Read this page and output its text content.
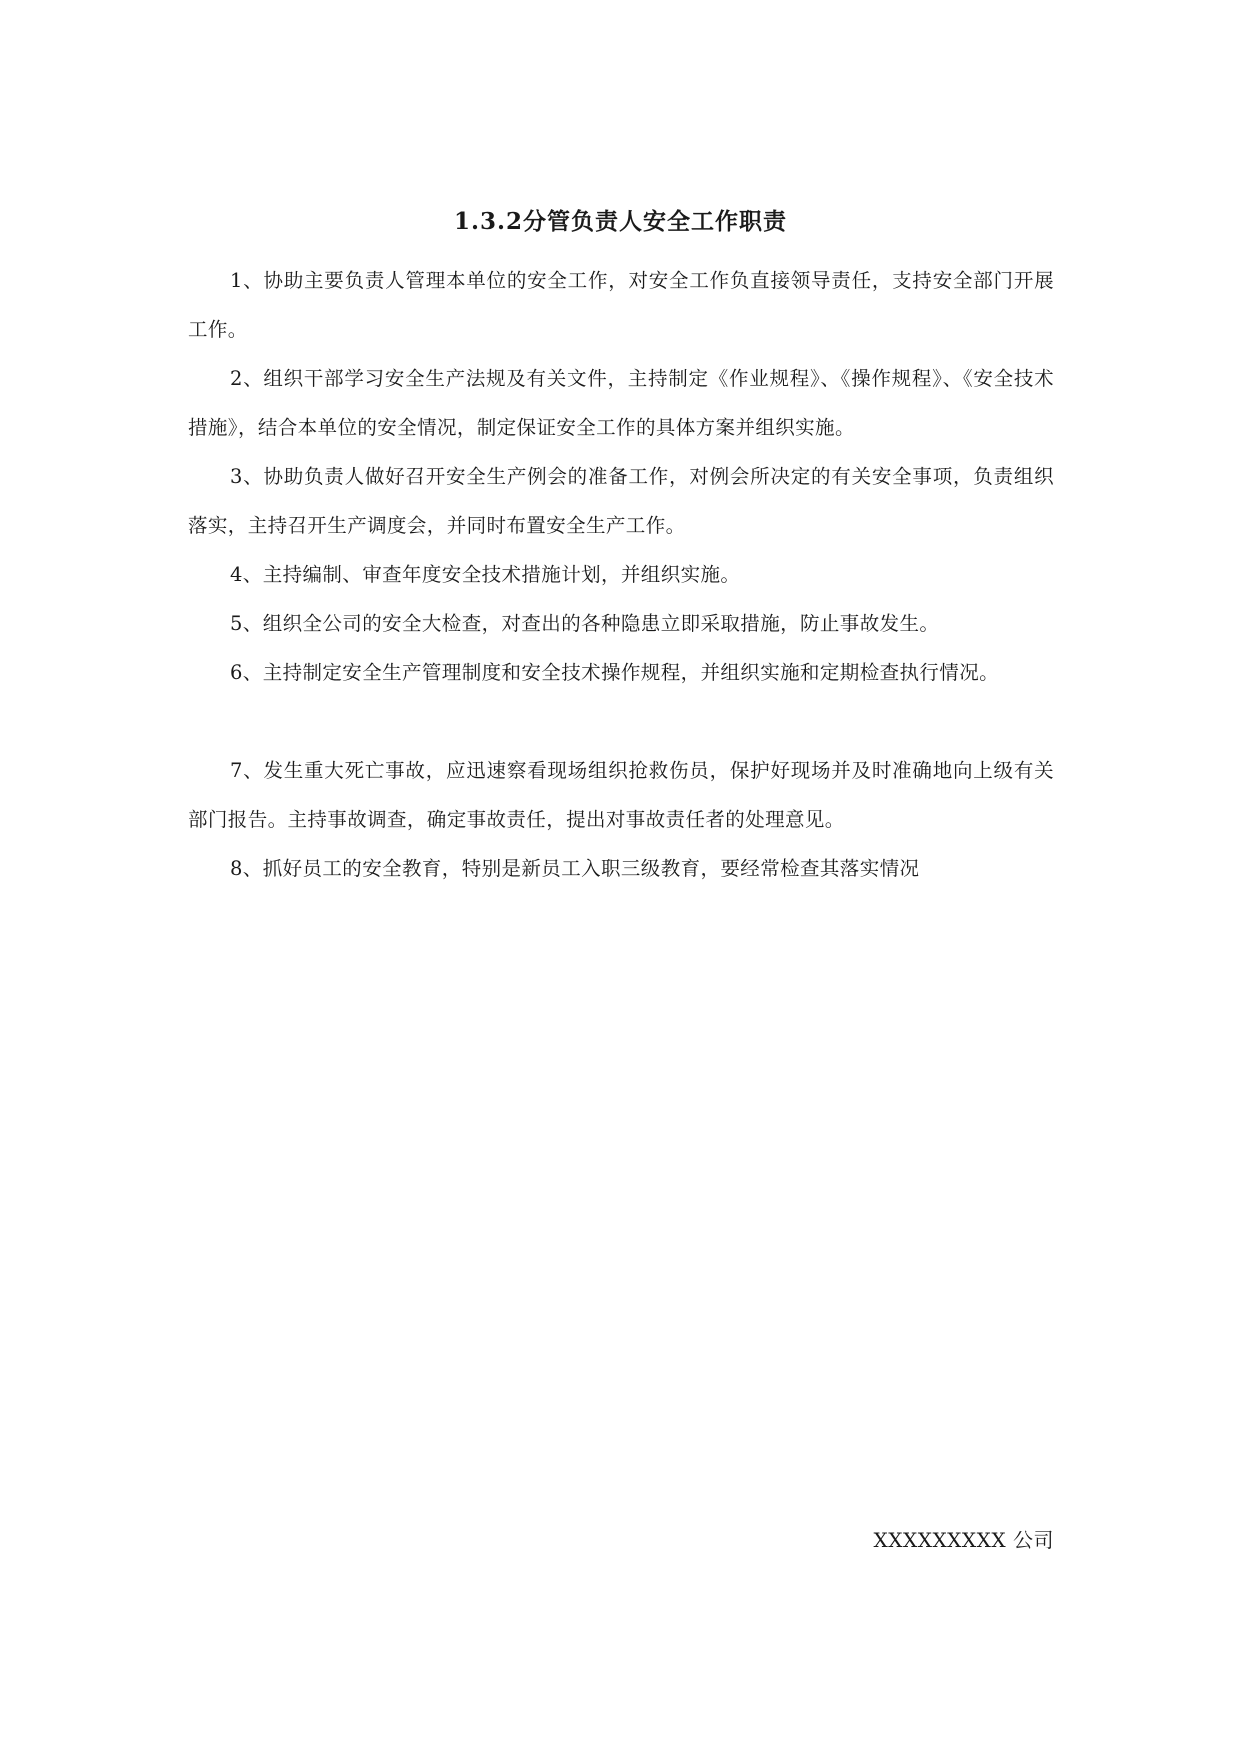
1.3.2分管负责人安全工作职责

1、协助主要负责人管理本单位的安全工作，对安全工作负直接领导责任，支持安全部门开展工作。

2、组织干部学习安全生产法规及有关文件，主持制定《作业规程》、《操作规程》、《安全技术措施》，结合本单位的安全情况，制定保证安全工作的具体方案并组织实施。

3、协助负责人做好召开安全生产例会的准备工作，对例会所决定的有关安全事项，负责组织落实，主持召开生产调度会，并同时布置安全生产工作。

4、主持编制、审查年度安全技术措施计划，并组织实施。

5、组织全公司的安全大检查，对查出的各种隐患立即采取措施，防止事故发生。

6、主持制定安全生产管理制度和安全技术操作规程，并组织实施和定期检查执行情况。

7、发生重大死亡事故，应迅速察看现场组织抢救伤员，保护好现场并及时准确地向上级有关部门报告。主持事故调查，确定事故责任，提出对事故责任者的处理意见。

8、抓好员工的安全教育，特别是新员工入职三级教育，要经常检查其落实情况

XXXXXXXXX 公司
